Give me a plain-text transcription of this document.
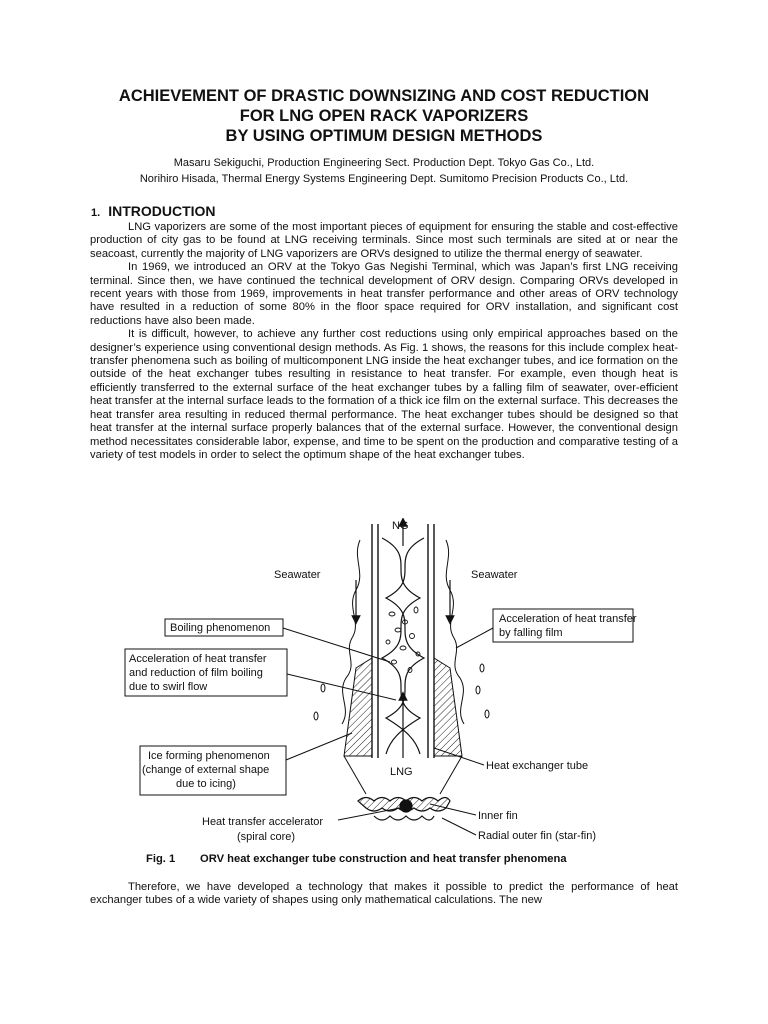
ACHIEVEMENT OF DRASTIC DOWNSIZING AND COST REDUCTION
FOR LNG OPEN RACK VAPORIZERS
BY USING OPTIMUM DESIGN METHODS
Masaru Sekiguchi, Production Engineering Sect. Production Dept. Tokyo Gas Co., Ltd.
Norihiro Hisada, Thermal Energy Systems Engineering Dept. Sumitomo Precision Products Co., Ltd.
1. INTRODUCTION

LNG vaporizers are some of the most important pieces of equipment for ensuring the stable and cost-effective production of city gas to be found at LNG receiving terminals. Since most such terminals are sited at or near the seacoast, currently the majority of LNG vaporizers are ORVs designed to utilize the thermal energy of seawater.

In 1969, we introduced an ORV at the Tokyo Gas Negishi Terminal, which was Japan’s first LNG receiving terminal. Since then, we have continued the technical development of ORV design. Comparing ORVs developed in recent years with those from 1969, improvements in heat transfer performance and other areas of ORV technology have resulted in a reduction of some 80% in the floor space required for ORV installation, and significant cost reductions have also been made.

It is difficult, however, to achieve any further cost reductions using only empirical approaches based on the designer’s experience using conventional design methods. As Fig. 1 shows, the reasons for this include complex heat-transfer phenomena such as boiling of multicomponent LNG inside the heat exchanger tubes, and ice formation on the outside of the heat exchanger tubes resulting in resistance to heat transfer. For example, even though heat is efficiently transferred to the external surface of the heat exchanger tubes by a falling film of seawater, over-efficient heat transfer at the internal surface leads to the formation of a thick ice film on the external surface. This decreases the heat transfer area resulting in reduced thermal performance. The heat exchanger tubes should be designed so that heat transfer at the internal surface properly balances that of the external surface. However, the conventional design method necessitates considerable labor, expense, and time to be spent on the production and comparative testing of a variety of test models in order to select the optimum shape of the heat exchanger tubes.

NG
Seawater	Seawater
Boiling phenomenon
Acceleration of heat transfer
and reduction of film boiling
due to swirl flow
Ice forming phenomenon
(change of external shape
due to icing)
Acceleration of heat transfer
by falling film
Heat exchanger tube
LNG
Heat transfer accelerator
(spiral core)
Inner fin
Radial outer fin (star-fin)
Fig. 1 ORV heat exchanger tube construction and heat transfer phenomena

Therefore, we have developed a technology that makes it possible to predict the performance of heat exchanger tubes of a wide variety of shapes using only mathematical calculations. The new
